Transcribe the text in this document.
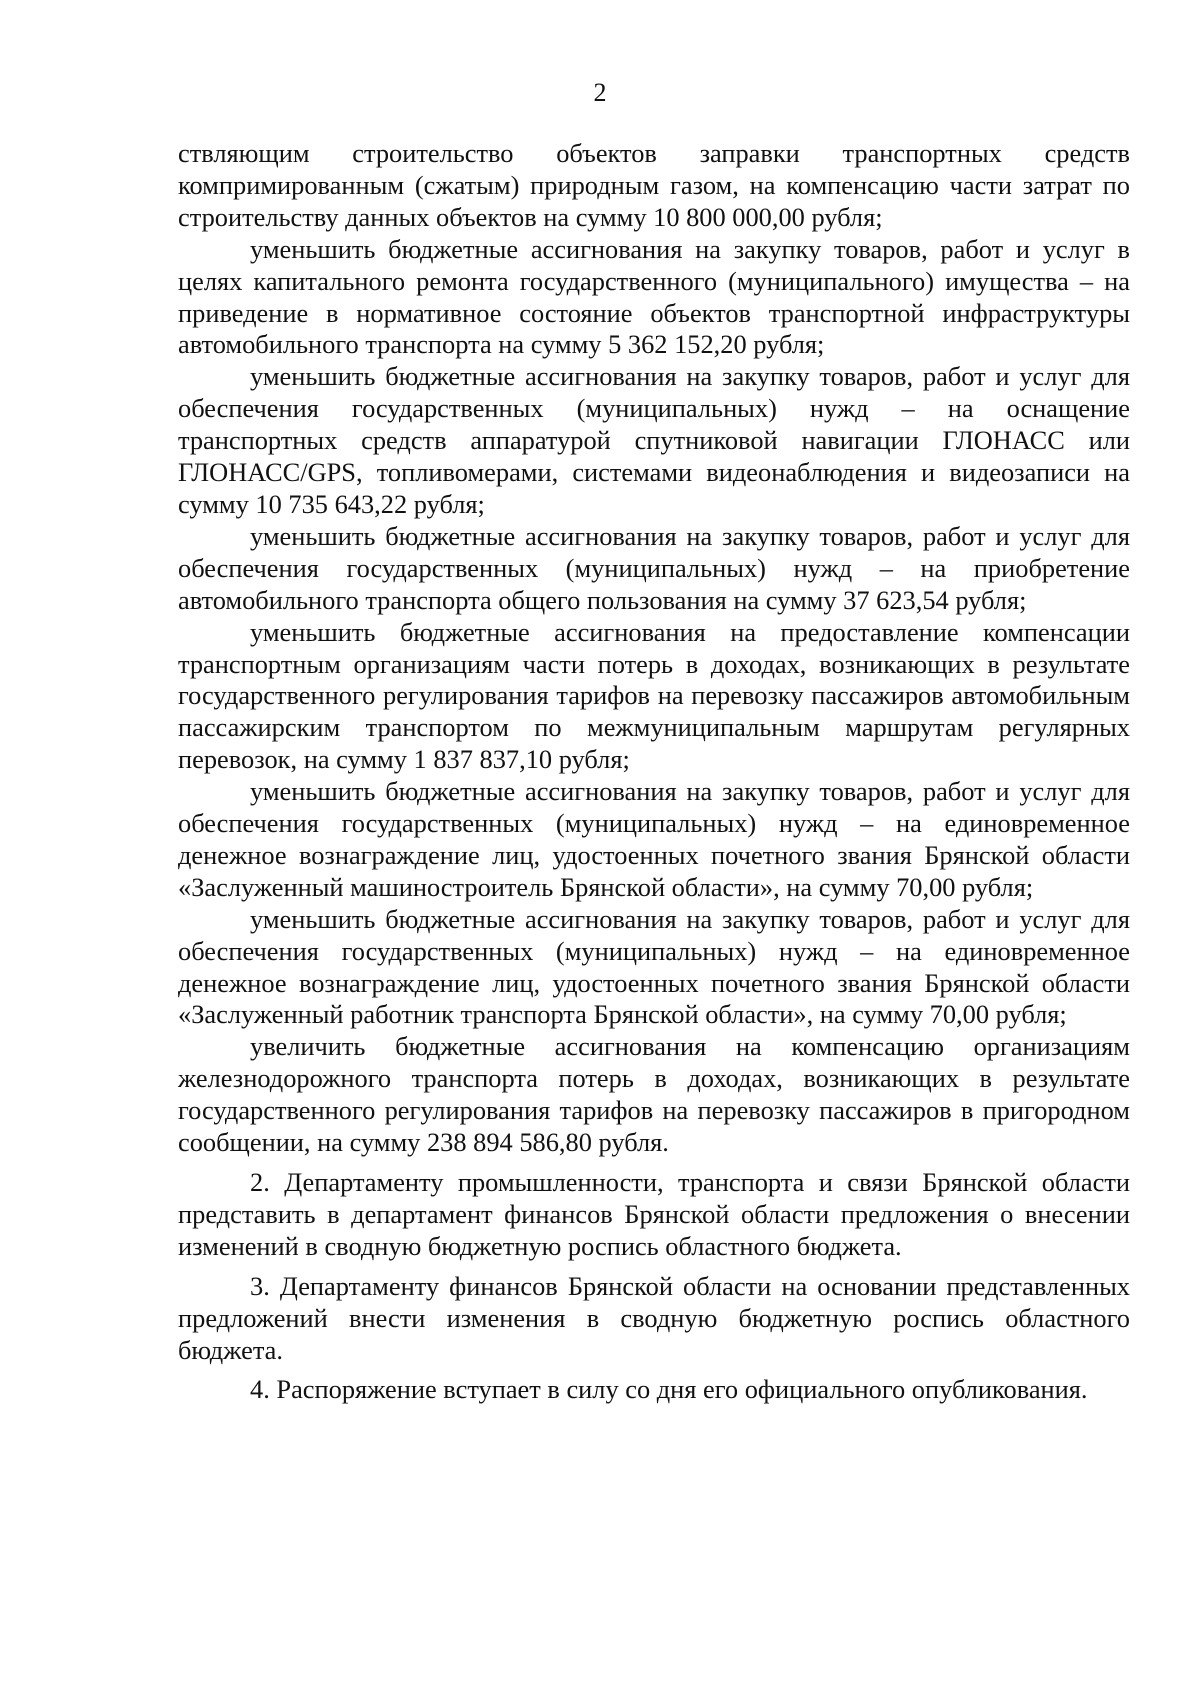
2

ствляющим строительство объектов заправки транспортных средств компримированным (сжатым) природным газом, на компенсацию части затрат по строительству данных объектов на сумму 10 800 000,00 рубля;

уменьшить бюджетные ассигнования на закупку товаров, работ и услуг в целях капитального ремонта государственного (муниципального) имущества – на приведение в нормативное состояние объектов транспортной инфраструктуры автомобильного транспорта на сумму 5 362 152,20 рубля;

уменьшить бюджетные ассигнования на закупку товаров, работ и услуг для обеспечения государственных (муниципальных) нужд – на оснащение транспортных средств аппаратурой спутниковой навигации ГЛОНАСС или ГЛОНАСС/GPS, топливомерами, системами видеонаблюдения и видеозаписи на сумму 10 735 643,22 рубля;

уменьшить бюджетные ассигнования на закупку товаров, работ и услуг для обеспечения государственных (муниципальных) нужд – на приобретение автомобильного транспорта общего пользования на сумму 37 623,54 рубля;

уменьшить бюджетные ассигнования на предоставление компенсации транспортным организациям части потерь в доходах, возникающих в результате государственного регулирования тарифов на перевозку пассажиров автомобильным пассажирским транспортом по межмуниципальным маршрутам регулярных перевозок, на сумму 1 837 837,10 рубля;

уменьшить бюджетные ассигнования на закупку товаров, работ и услуг для обеспечения государственных (муниципальных) нужд – на единовременное денежное вознаграждение лиц, удостоенных почетного звания Брянской области «Заслуженный машиностроитель Брянской области», на сумму 70,00 рубля;

уменьшить бюджетные ассигнования на закупку товаров, работ и услуг для обеспечения государственных (муниципальных) нужд – на единовременное денежное вознаграждение лиц, удостоенных почетного звания Брянской области «Заслуженный работник транспорта Брянской области», на сумму 70,00 рубля;

увеличить бюджетные ассигнования на компенсацию организациям железнодорожного транспорта потерь в доходах, возникающих в результате государственного регулирования тарифов на перевозку пассажиров в пригородном сообщении, на сумму 238 894 586,80 рубля.

2. Департаменту промышленности, транспорта и связи Брянской области представить в департамент финансов Брянской области предложения о внесении изменений в сводную бюджетную роспись областного бюджета.

3. Департаменту финансов Брянской области на основании представленных предложений внести изменения в сводную бюджетную роспись областного бюджета.

4. Распоряжение вступает в силу со дня его официального опубликования.
